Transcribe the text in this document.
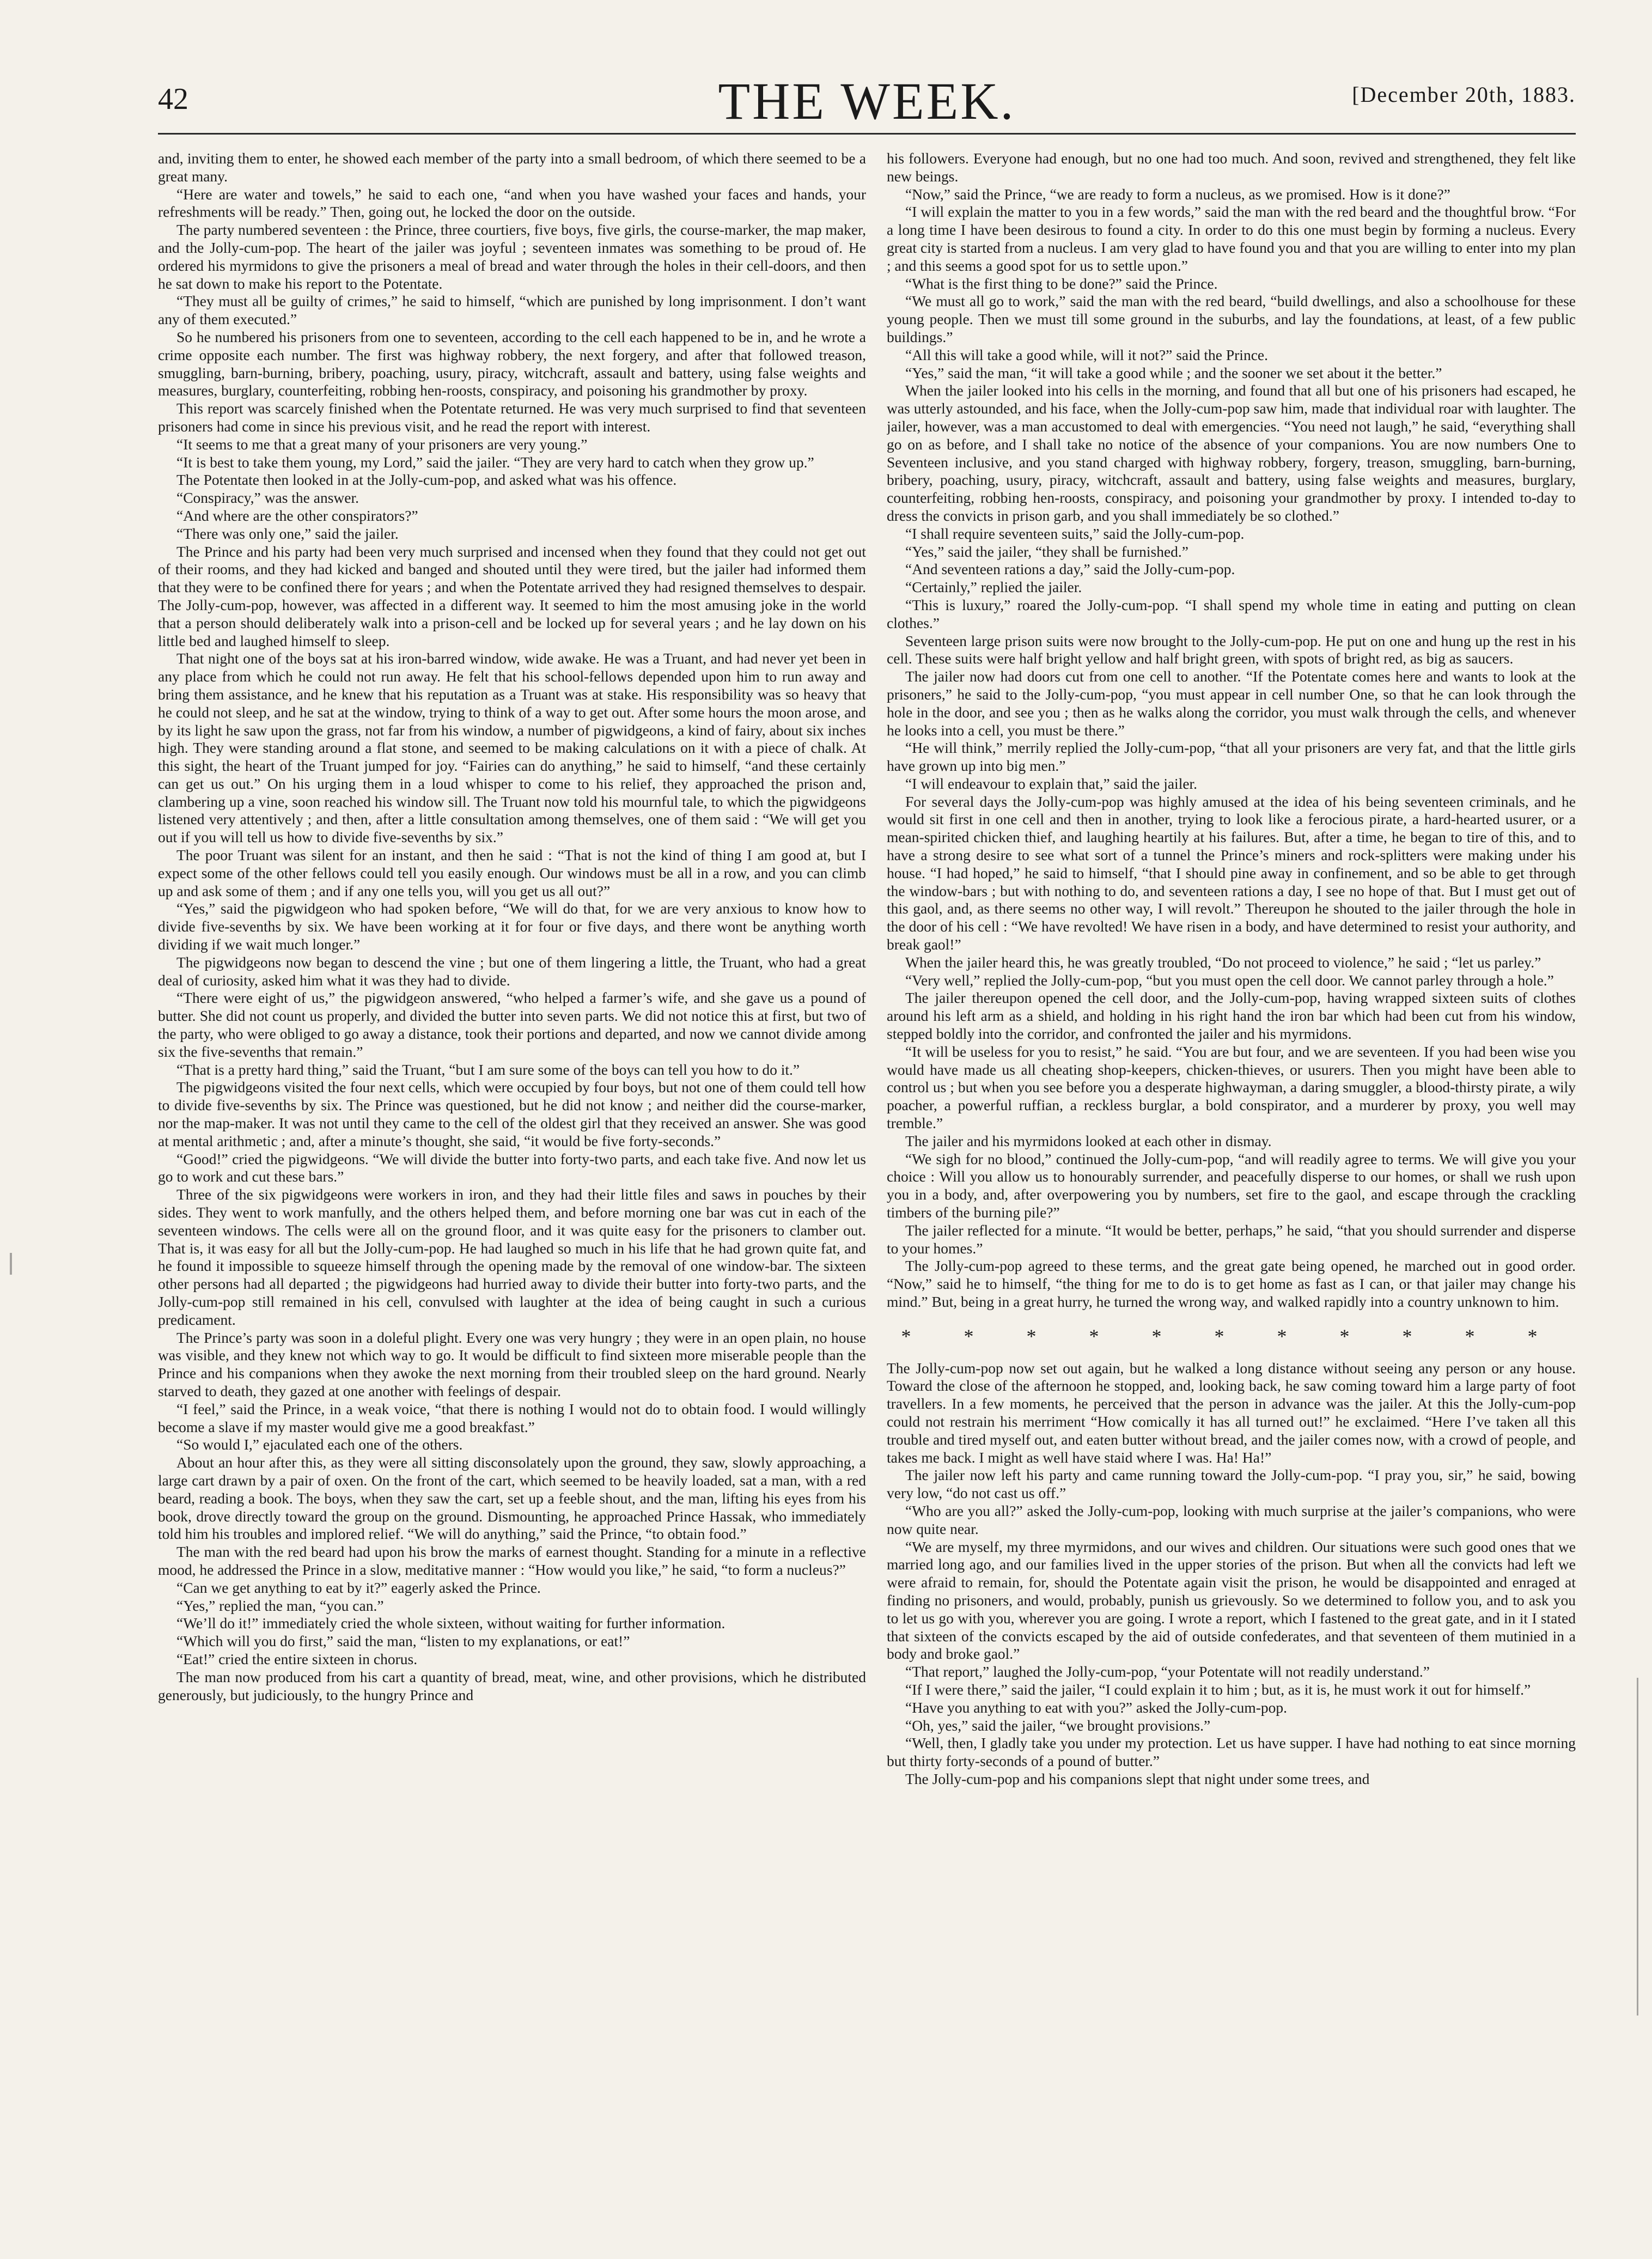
42	THE WEEK.	[December 20th, 1883.

and, inviting them to enter, he showed each member of the party into a small bedroom, of which there seemed to be a great many.

“Here are water and towels,” he said to each one, “and when you have washed your faces and hands, your refreshments will be ready.” Then, going out, he locked the door on the outside.

The party numbered seventeen : the Prince, three courtiers, five boys, five girls, the course-marker, the map maker, and the Jolly-cum-pop. The heart of the jailer was joyful ; seventeen inmates was something to be proud of. He ordered his myrmidons to give the prisoners a meal of bread and water through the holes in their cell-doors, and then he sat down to make his report to the Potentate.

“They must all be guilty of crimes,” he said to himself, “which are punished by long imprisonment. I don’t want any of them executed.”

So he numbered his prisoners from one to seventeen, according to the cell each happened to be in, and he wrote a crime opposite each number. The first was highway robbery, the next forgery, and after that followed treason, smuggling, barn-burning, bribery, poaching, usury, piracy, witchcraft, assault and battery, using false weights and measures, burglary, counterfeiting, robbing hen-roosts, conspiracy, and poisoning his grandmother by proxy.

This report was scarcely finished when the Potentate returned. He was very much surprised to find that seventeen prisoners had come in since his previous visit, and he read the report with interest.

“It seems to me that a great many of your prisoners are very young.”

“It is best to take them young, my Lord,” said the jailer. “They are very hard to catch when they grow up.”

The Potentate then looked in at the Jolly-cum-pop, and asked what was his offence.

“Conspiracy,” was the answer.

“And where are the other conspirators?”

“There was only one,” said the jailer.

The Prince and his party had been very much surprised and incensed when they found that they could not get out of their rooms, and they had kicked and banged and shouted until they were tired, but the jailer had informed them that they were to be confined there for years ; and when the Potentate arrived they had resigned themselves to despair. The Jolly-cum-pop, however, was affected in a different way. It seemed to him the most amusing joke in the world that a person should deliberately walk into a prison-cell and be locked up for several years ; and he lay down on his little bed and laughed himself to sleep.

That night one of the boys sat at his iron-barred window, wide awake. He was a Truant, and had never yet been in any place from which he could not run away. He felt that his school-fellows depended upon him to run away and bring them assistance, and he knew that his reputation as a Truant was at stake. His responsibility was so heavy that he could not sleep, and he sat at the window, trying to think of a way to get out. After some hours the moon arose, and by its light he saw upon the grass, not far from his window, a number of pigwidgeons, a kind of fairy, about six inches high. They were standing around a flat stone, and seemed to be making calculations on it with a piece of chalk. At this sight, the heart of the Truant jumped for joy. “Fairies can do anything,” he said to himself, “and these certainly can get us out.” On his urging them in a loud whisper to come to his relief, they approached the prison and, clambering up a vine, soon reached his window sill. The Truant now told his mournful tale, to which the pigwidgeons listened very attentively ; and then, after a little consultation among themselves, one of them said : “We will get you out if you will tell us how to divide five-sevenths by six.”

The poor Truant was silent for an instant, and then he said : “That is not the kind of thing I am good at, but I expect some of the other fellows could tell you easily enough. Our windows must be all in a row, and you can climb up and ask some of them ; and if any one tells you, will you get us all out?”

“Yes,” said the pigwidgeon who had spoken before, “We will do that, for we are very anxious to know how to divide five-sevenths by six. We have been working at it for four or five days, and there wont be anything worth dividing if we wait much longer.”

The pigwidgeons now began to descend the vine ; but one of them lingering a little, the Truant, who had a great deal of curiosity, asked him what it was they had to divide.

“There were eight of us,” the pigwidgeon answered, “who helped a farmer’s wife, and she gave us a pound of butter. She did not count us properly, and divided the butter into seven parts. We did not notice this at first, but two of the party, who were obliged to go away a distance, took their portions and departed, and now we cannot divide among six the five-sevenths that remain.”

“That is a pretty hard thing,” said the Truant, “but I am sure some of the boys can tell you how to do it.”

The pigwidgeons visited the four next cells, which were occupied by four boys, but not one of them could tell how to divide five-sevenths by six. The Prince was questioned, but he did not know ; and neither did the course-marker, nor the map-maker. It was not until they came to the cell of the oldest girl that they received an answer. She was good at mental arithmetic ; and, after a minute’s thought, she said, “it would be five forty-seconds.”

“Good!” cried the pigwidgeons. “We will divide the butter into forty-two parts, and each take five. And now let us go to work and cut these bars.”

Three of the six pigwidgeons were workers in iron, and they had their little files and saws in pouches by their sides. They went to work manfully, and the others helped them, and before morning one bar was cut in each of the seventeen windows. The cells were all on the ground floor, and it was quite easy for the prisoners to clamber out. That is, it was easy for all but the Jolly-cum-pop. He had laughed so much in his life that he had grown quite fat, and he found it impossible to squeeze himself through the opening made by the removal of one window-bar. The sixteen other persons had all departed ; the pigwidgeons had hurried away to divide their butter into forty-two parts, and the Jolly-cum-pop still remained in his cell, convulsed with laughter at the idea of being caught in such a curious predicament.

The Prince’s party was soon in a doleful plight. Every one was very hungry ; they were in an open plain, no house was visible, and they knew not which way to go. It would be difficult to find sixteen more miserable people than the Prince and his companions when they awoke the next morning from their troubled sleep on the hard ground. Nearly starved to death, they gazed at one another with feelings of despair.

“I feel,” said the Prince, in a weak voice, “that there is nothing I would not do to obtain food. I would willingly become a slave if my master would give me a good breakfast.”

“So would I,” ejaculated each one of the others.

About an hour after this, as they were all sitting disconsolately upon the ground, they saw, slowly approaching, a large cart drawn by a pair of oxen. On the front of the cart, which seemed to be heavily loaded, sat a man, with a red beard, reading a book. The boys, when they saw the cart, set up a feeble shout, and the man, lifting his eyes from his book, drove directly toward the group on the ground. Dismounting, he approached Prince Hassak, who immediately told him his troubles and implored relief. “We will do anything,” said the Prince, “to obtain food.”

The man with the red beard had upon his brow the marks of earnest thought. Standing for a minute in a reflective mood, he addressed the Prince in a slow, meditative manner : “How would you like,” he said, “to form a nucleus?”

“Can we get anything to eat by it?” eagerly asked the Prince.

“Yes,” replied the man, “you can.”

“We’ll do it!” immediately cried the whole sixteen, without waiting for further information.

“Which will you do first,” said the man, “listen to my explanations, or eat!”

“Eat!” cried the entire sixteen in chorus.

The man now produced from his cart a quantity of bread, meat, wine, and other provisions, which he distributed generously, but judiciously, to the hungry Prince and

his followers. Everyone had enough, but no one had too much. And soon, revived and strengthened, they felt like new beings.

“Now,” said the Prince, “we are ready to form a nucleus, as we promised. How is it done?”

“I will explain the matter to you in a few words,” said the man with the red beard and the thoughtful brow. “For a long time I have been desirous to found a city. In order to do this one must begin by forming a nucleus. Every great city is started from a nucleus. I am very glad to have found you and that you are willing to enter into my plan ; and this seems a good spot for us to settle upon.”

“What is the first thing to be done?” said the Prince.

“We must all go to work,” said the man with the red beard, “build dwellings, and also a schoolhouse for these young people. Then we must till some ground in the suburbs, and lay the foundations, at least, of a few public buildings.”

“All this will take a good while, will it not?” said the Prince.

“Yes,” said the man, “it will take a good while ; and the sooner we set about it the better.”

When the jailer looked into his cells in the morning, and found that all but one of his prisoners had escaped, he was utterly astounded, and his face, when the Jolly-cum-pop saw him, made that individual roar with laughter. The jailer, however, was a man accustomed to deal with emergencies. “You need not laugh,” he said, “everything shall go on as before, and I shall take no notice of the absence of your companions. You are now numbers One to Seventeen inclusive, and you stand charged with highway robbery, forgery, treason, smuggling, barn-burning, bribery, poaching, usury, piracy, witchcraft, assault and battery, using false weights and measures, burglary, counterfeiting, robbing hen-roosts, conspiracy, and poisoning your grandmother by proxy. I intended to-day to dress the convicts in prison garb, and you shall immediately be so clothed.”

“I shall require seventeen suits,” said the Jolly-cum-pop.

“Yes,” said the jailer, “they shall be furnished.”

“And seventeen rations a day,” said the Jolly-cum-pop.

“Certainly,” replied the jailer.

“This is luxury,” roared the Jolly-cum-pop. “I shall spend my whole time in eating and putting on clean clothes.”

Seventeen large prison suits were now brought to the Jolly-cum-pop. He put on one and hung up the rest in his cell. These suits were half bright yellow and half bright green, with spots of bright red, as big as saucers.

The jailer now had doors cut from one cell to another. “If the Potentate comes here and wants to look at the prisoners,” he said to the Jolly-cum-pop, “you must appear in cell number One, so that he can look through the hole in the door, and see you ; then as he walks along the corridor, you must walk through the cells, and whenever he looks into a cell, you must be there.”

“He will think,” merrily replied the Jolly-cum-pop, “that all your prisoners are very fat, and that the little girls have grown up into big men.”

“I will endeavour to explain that,” said the jailer.

For several days the Jolly-cum-pop was highly amused at the idea of his being seventeen criminals, and he would sit first in one cell and then in another, trying to look like a ferocious pirate, a hard-hearted usurer, or a mean-spirited chicken thief, and laughing heartily at his failures. But, after a time, he began to tire of this, and to have a strong desire to see what sort of a tunnel the Prince’s miners and rock-splitters were making under his house. “I had hoped,” he said to himself, “that I should pine away in confinement, and so be able to get through the window-bars ; but with nothing to do, and seventeen rations a day, I see no hope of that. But I must get out of this gaol, and, as there seems no other way, I will revolt.” Thereupon he shouted to the jailer through the hole in the door of his cell : “We have revolted! We have risen in a body, and have determined to resist your authority, and break gaol!”

When the jailer heard this, he was greatly troubled, “Do not proceed to violence,” he said ; “let us parley.”

“Very well,” replied the Jolly-cum-pop, “but you must open the cell door. We cannot parley through a hole.”

The jailer thereupon opened the cell door, and the Jolly-cum-pop, having wrapped sixteen suits of clothes around his left arm as a shield, and holding in his right hand the iron bar which had been cut from his window, stepped boldly into the corridor, and confronted the jailer and his myrmidons.

“It will be useless for you to resist,” he said. “You are but four, and we are seventeen. If you had been wise you would have made us all cheating shop-keepers, chicken-thieves, or usurers. Then you might have been able to control us ; but when you see before you a desperate highwayman, a daring smuggler, a blood-thirsty pirate, a wily poacher, a powerful ruffian, a reckless burglar, a bold conspirator, and a murderer by proxy, you well may tremble.”

The jailer and his myrmidons looked at each other in dismay.

“We sigh for no blood,” continued the Jolly-cum-pop, “and will readily agree to terms. We will give you your choice : Will you allow us to honourably surrender, and peacefully disperse to our homes, or shall we rush upon you in a body, and, after overpowering you by numbers, set fire to the gaol, and escape through the crackling timbers of the burning pile?”

The jailer reflected for a minute. “It would be better, perhaps,” he said, “that you should surrender and disperse to your homes.”

The Jolly-cum-pop agreed to these terms, and the great gate being opened, he marched out in good order. “Now,” said he to himself, “the thing for me to do is to get home as fast as I can, or that jailer may change his mind.” But, being in a great hurry, he turned the wrong way, and walked rapidly into a country unknown to him.

* * * * * * * * * * *

The Jolly-cum-pop now set out again, but he walked a long distance without seeing any person or any house. Toward the close of the afternoon he stopped, and, looking back, he saw coming toward him a large party of foot travellers. In a few moments, he perceived that the person in advance was the jailer. At this the Jolly-cum-pop could not restrain his merriment “How comically it has all turned out!” he exclaimed. “Here I’ve taken all this trouble and tired myself out, and eaten butter without bread, and the jailer comes now, with a crowd of people, and takes me back. I might as well have staid where I was. Ha! Ha!”

The jailer now left his party and came running toward the Jolly-cum-pop. “I pray you, sir,” he said, bowing very low, “do not cast us off.”

“Who are you all?” asked the Jolly-cum-pop, looking with much surprise at the jailer’s companions, who were now quite near.

“We are myself, my three myrmidons, and our wives and children. Our situations were such good ones that we married long ago, and our families lived in the upper stories of the prison. But when all the convicts had left we were afraid to remain, for, should the Potentate again visit the prison, he would be disappointed and enraged at finding no prisoners, and would, probably, punish us grievously. So we determined to follow you, and to ask you to let us go with you, wherever you are going. I wrote a report, which I fastened to the great gate, and in it I stated that sixteen of the convicts escaped by the aid of outside confederates, and that seventeen of them mutinied in a body and broke gaol.”

“That report,” laughed the Jolly-cum-pop, “your Potentate will not readily understand.”

“If I were there,” said the jailer, “I could explain it to him ; but, as it is, he must work it out for himself.”

“Have you anything to eat with you?” asked the Jolly-cum-pop.

“Oh, yes,” said the jailer, “we brought provisions.”

“Well, then, I gladly take you under my protection. Let us have supper. I have had nothing to eat since morning but thirty forty-seconds of a pound of butter.”

The Jolly-cum-pop and his companions slept that night under some trees, and
